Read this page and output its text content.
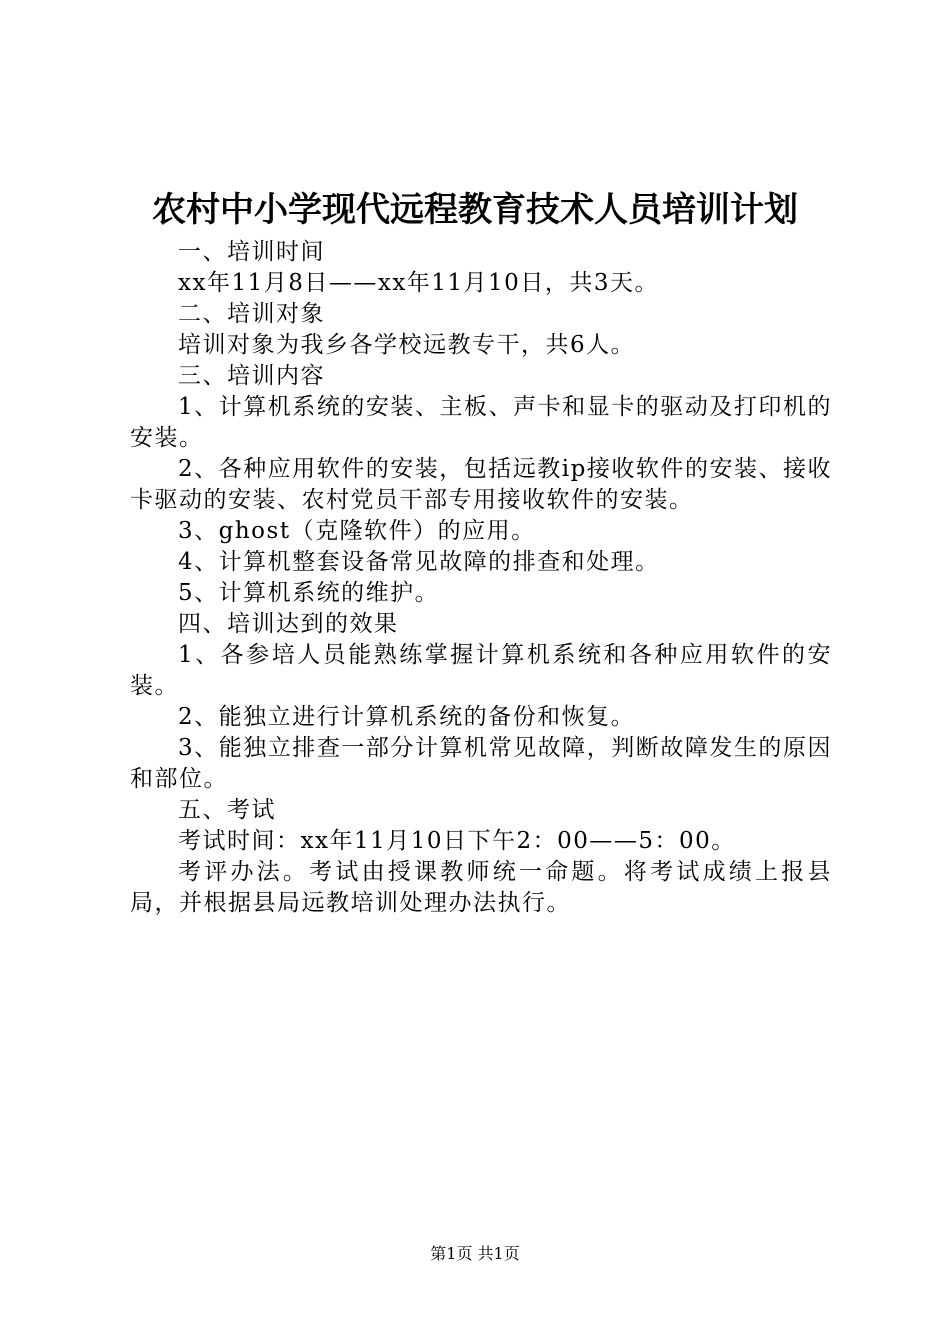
农村中小学现代远程教育技术人员培训计划

一、培训时间

xx年11月8日——xx年11月10日，共3天。

二、培训对象

培训对象为我乡各学校远教专干，共6人。

三、培训内容

1、计算机系统的安装、主板、声卡和显卡的驱动及打印机的安装。

2、各种应用软件的安装，包括远教ip接收软件的安装、接收卡驱动的安装、农村党员干部专用接收软件的安装。

3、ghost（克隆软件）的应用。

4、计算机整套设备常见故障的排查和处理。

5、计算机系统的维护。

四、培训达到的效果

1、各参培人员能熟练掌握计算机系统和各种应用软件的安装。

2、能独立进行计算机系统的备份和恢复。

3、能独立排查一部分计算机常见故障，判断故障发生的原因和部位。

五、考试

考试时间：xx年11月10日下午2：00——5：00。

考评办法。考试由授课教师统一命题。将考试成绩上报县局，并根据县局远教培训处理办法执行。

第1页 共1页
